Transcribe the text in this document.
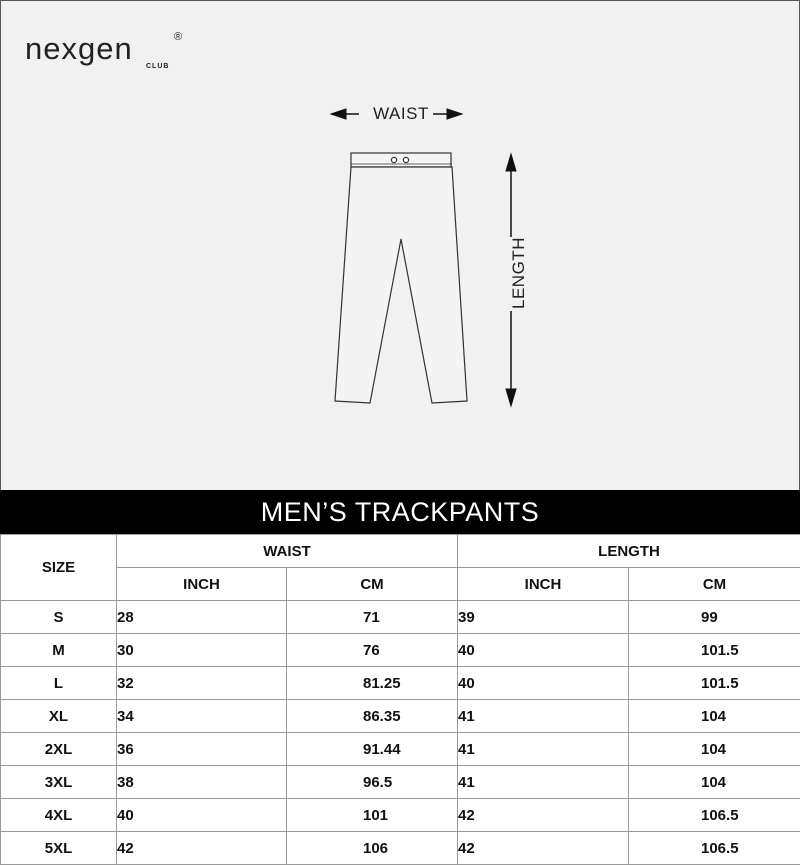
nexgen	®
CLUB
WAIST
LENGTH
MEN’S TRACKPANTS
SIZE	WAIST		LENGTH	
	INCH	CM	INCH	CM
S	28	71	39	99
M	30	76	40	101.5
L	32	81.25	40	101.5
XL	34	86.35	41	104
2XL	36	91.44	41	104
3XL	38	96.5	41	104
4XL	40	101	42	106.5
5XL	42	106	42	106.5
